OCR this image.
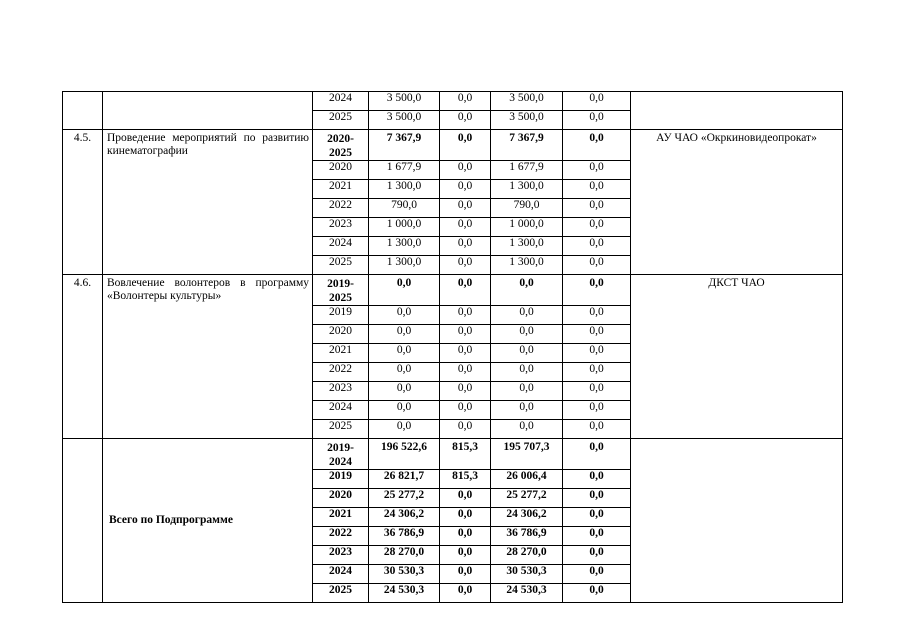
		2024	3 500,0	0,0	3 500,0	0,0	
		2025	3 500,0	0,0	3 500,0	0,0	
4.5.	Проведение мероприятий по развитию кинематографии	2020-2025	7 367,9	0,0	7 367,9	0,0	АУ ЧАО «Окркиновидеопрокат»
		2020	1 677,9	0,0	1 677,9	0,0	
		2021	1 300,0	0,0	1 300,0	0,0	
		2022	790,0	0,0	790,0	0,0	
		2023	1 000,0	0,0	1 000,0	0,0	
		2024	1 300,0	0,0	1 300,0	0,0	
		2025	1 300,0	0,0	1 300,0	0,0	
4.6.	Вовлечение волонтеров в программу «Волонтеры культуры»	2019-2025	0,0	0,0	0,0	0,0	ДКСТ ЧАО
		2019	0,0	0,0	0,0	0,0	
		2020	0,0	0,0	0,0	0,0	
		2021	0,0	0,0	0,0	0,0	
		2022	0,0	0,0	0,0	0,0	
		2023	0,0	0,0	0,0	0,0	
		2024	0,0	0,0	0,0	0,0	
		2025	0,0	0,0	0,0	0,0	
	Всего по Подпрограмме	2019-2024	196 522,6	815,3	195 707,3	0,0	
		2019	26 821,7	815,3	26 006,4	0,0	
		2020	25 277,2	0,0	25 277,2	0,0	
		2021	24 306,2	0,0	24 306,2	0,0	
		2022	36 786,9	0,0	36 786,9	0,0	
		2023	28 270,0	0,0	28 270,0	0,0	
		2024	30 530,3	0,0	30 530,3	0,0	
		2025	24 530,3	0,0	24 530,3	0,0	
